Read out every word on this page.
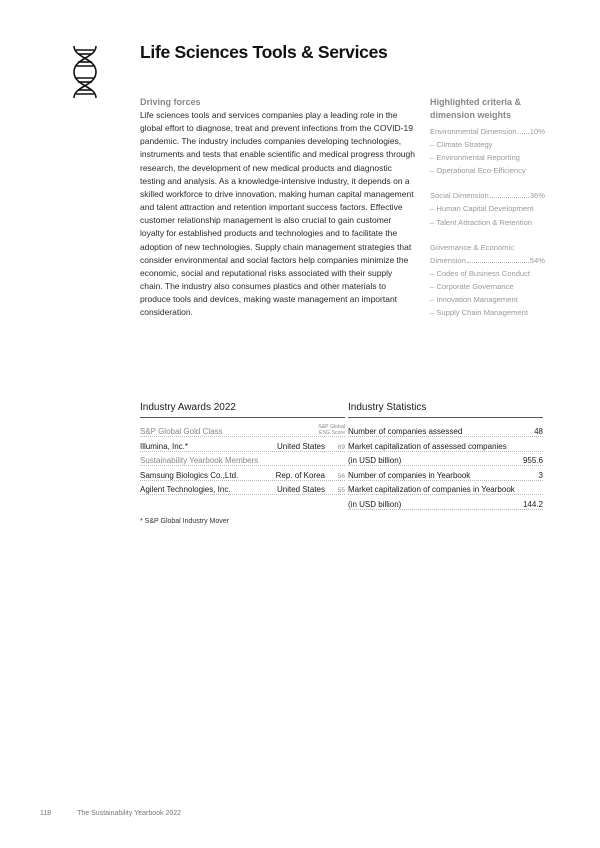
Life Sciences Tools & Services
Driving forces

Life sciences tools and services companies play a leading role in the global effort to diagnose, treat and prevent infections from the COVID-19 pandemic. The industry includes companies developing technologies, instruments and tests that enable scientific and medical progress through research, the development of new medical products and diagnostic testing and analysis. As a knowledge-intensive industry, it depends on a skilled workforce to drive innovation, making human capital management and talent attraction and retention important success factors. Effective customer relationship management is also crucial to gain customer loyalty for established products and technologies and to facilitate the adoption of new technologies. Supply chain management strategies that consider environmental and social factors help companies minimize the economic, social and reputational risks associated with their supply chain. The industry also consumes plastics and other materials to produce tools and devices, making waste management an important consideration.

Highlighted criteria &
dimension weights
Environmental Dimension 10%
– Climate Strategy
– Environmental Reporting
– Operational Eco-Efficiency
Social Dimension	36%
– Human Capital Development
– Talent Attraction & Retention
Governance & Economic
Dimension	54%
– Codes of Business Conduct
– Corporate Governance
– Innovation Management
– Supply Chain Management
Industry Awards 2022
S&P Global Gold Class	S&P Global
ESG Score
Illumina, Inc.*	United States	69
Sustainability Yearbook Members
Samsung Biologics Co.,Ltd.	Rep. of Korea	56
Agilent Technologies, Inc.	United States	55
Industry Statistics
Number of companies assessed	48
Market capitalization of assessed companies
(in USD billion)	955.6
Number of companies in Yearbook	3
Market capitalization of companies in Yearbook
(in USD billion)	144.2
* S&P Global Industry Mover
118	The Sustainability Yearbook 2022
